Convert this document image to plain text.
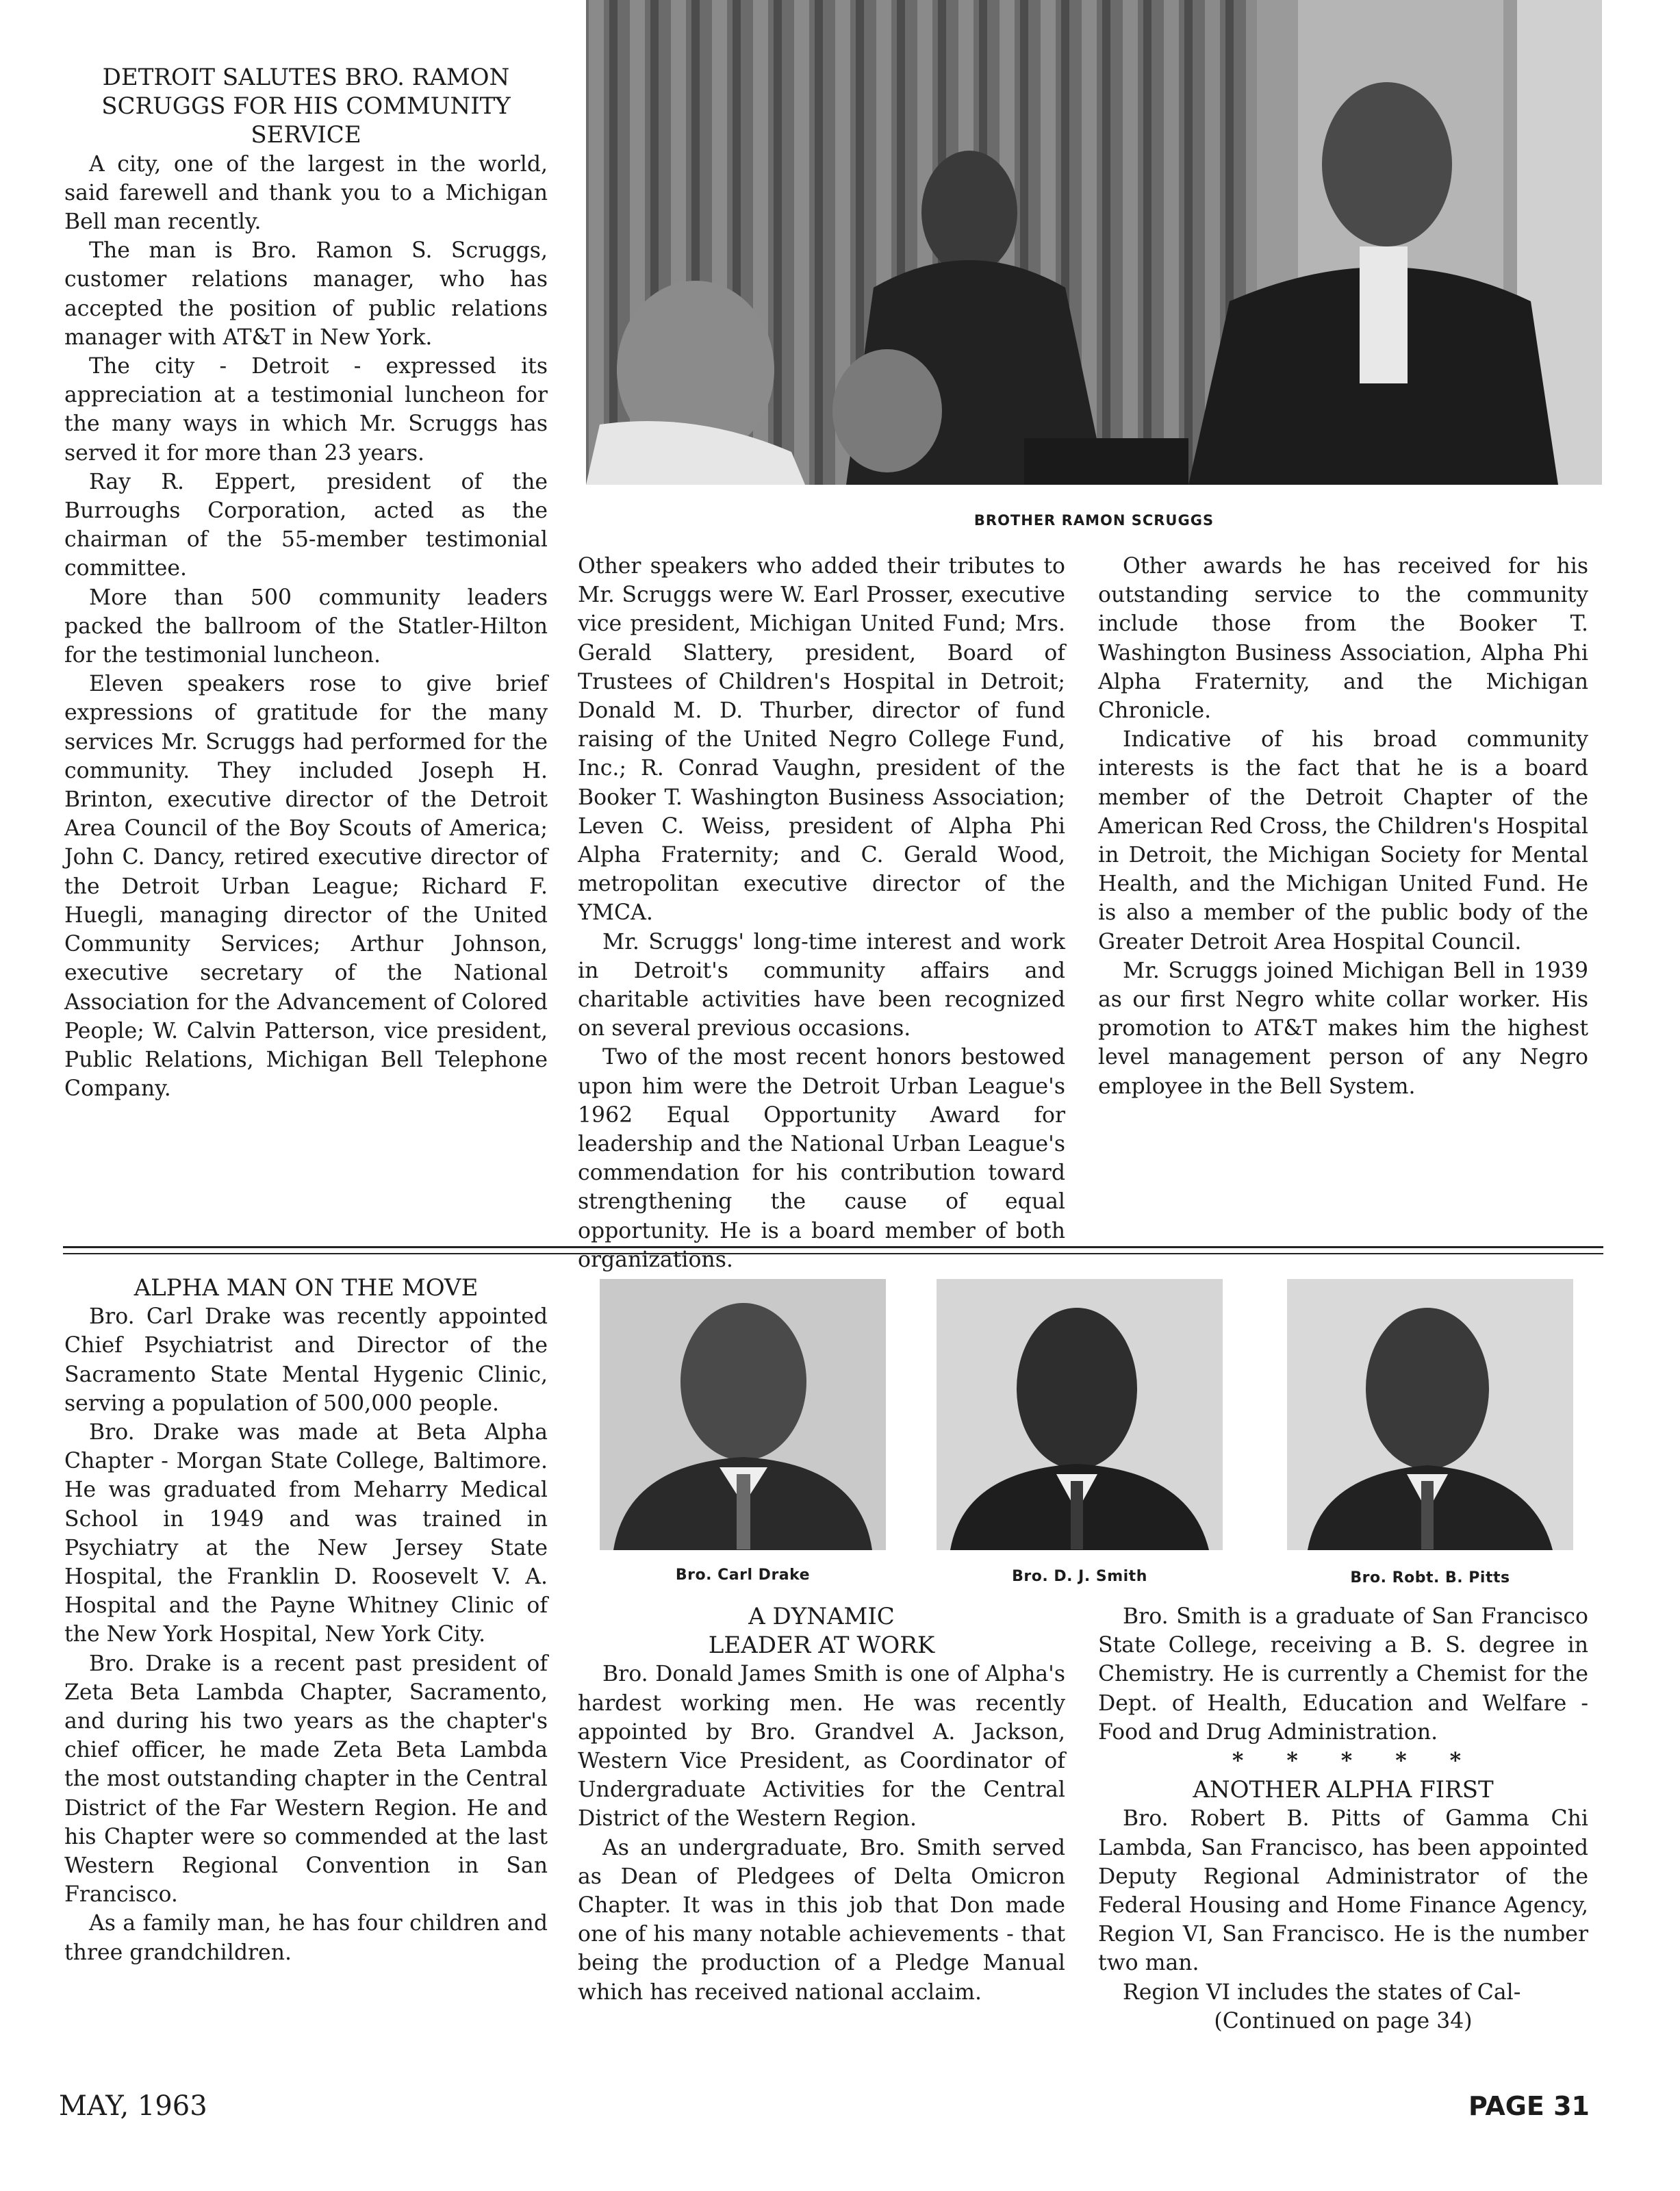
DETROIT SALUTES BRO. RAMON SCRUGGS FOR HIS COMMUNITY SERVICE

A city, one of the largest in the world, said farewell and thank you to a Michigan Bell man recently.

The man is Bro. Ramon S. Scruggs, customer relations manager, who has accepted the position of public relations manager with AT&T in New York.

The city - Detroit - expressed its appreciation at a testimonial luncheon for the many ways in which Mr. Scruggs has served it for more than 23 years.

Ray R. Eppert, president of the Burroughs Corporation, acted as the chairman of the 55-member testimonial committee.

More than 500 community leaders packed the ballroom of the Statler-Hilton for the testimonial luncheon.

Eleven speakers rose to give brief expressions of gratitude for the many services Mr. Scruggs had performed for the community. They included Joseph H. Brinton, executive director of the Detroit Area Council of the Boy Scouts of America; John C. Dancy, retired executive director of the Detroit Urban League; Richard F. Huegli, managing director of the United Community Services; Arthur Johnson, executive secretary of the National Association for the Advancement of Colored People; W. Calvin Patterson, vice president, Public Relations, Michigan Bell Telephone Company.

BROTHER RAMON SCRUGGS

Other speakers who added their tributes to Mr. Scruggs were W. Earl Prosser, executive vice president, Michigan United Fund; Mrs. Gerald Slattery, president, Board of Trustees of Children's Hospital in Detroit; Donald M. D. Thurber, director of fund raising of the United Negro College Fund, Inc.; R. Conrad Vaughn, president of the Booker T. Washington Business Association; Leven C. Weiss, president of Alpha Phi Alpha Fraternity; and C. Gerald Wood, metropolitan executive director of the YMCA.

Mr. Scruggs' long-time interest and work in Detroit's community affairs and charitable activities have been recognized on several previous occasions.

Two of the most recent honors bestowed upon him were the Detroit Urban League's 1962 Equal Opportunity Award for leadership and the National Urban League's commendation for his contribution toward strengthening the cause of equal opportunity. He is a board member of both organizations.

Other awards he has received for his outstanding service to the community include those from the Booker T. Washington Business Association, Alpha Phi Alpha Fraternity, and the Michigan Chronicle.

Indicative of his broad community interests is the fact that he is a board member of the Detroit Chapter of the American Red Cross, the Children's Hospital in Detroit, the Michigan Society for Mental Health, and the Michigan United Fund. He is also a member of the public body of the Greater Detroit Area Hospital Council.

Mr. Scruggs joined Michigan Bell in 1939 as our first Negro white collar worker. His promotion to AT&T makes him the highest level management person of any Negro employee in the Bell System.

ALPHA MAN ON THE MOVE

Bro. Carl Drake was recently appointed Chief Psychiatrist and Director of the Sacramento State Mental Hygenic Clinic, serving a population of 500,000 people.

Bro. Drake was made at Beta Alpha Chapter - Morgan State College, Baltimore. He was graduated from Meharry Medical School in 1949 and was trained in Psychiatry at the New Jersey State Hospital, the Franklin D. Roosevelt V. A. Hospital and the Payne Whitney Clinic of the New York Hospital, New York City.

Bro. Drake is a recent past president of Zeta Beta Lambda Chapter, Sacramento, and during his two years as the chapter's chief officer, he made Zeta Beta Lambda the most outstanding chapter in the Central District of the Far Western Region. He and his Chapter were so commended at the last Western Regional Convention in San Francisco.

As a family man, he has four children and three grandchildren.

Bro. Carl Drake	Bro. D. J. Smith	Bro. Robt. B. Pitts
A DYNAMIC LEADER AT WORK

Bro. Donald James Smith is one of Alpha's hardest working men. He was recently appointed by Bro. Grandvel A. Jackson, Western Vice President, as Coordinator of Undergraduate Activities for the Central District of the Western Region.

As an undergraduate, Bro. Smith served as Dean of Pledgees of Delta Omicron Chapter. It was in this job that Don made one of his many notable achievements - that being the production of a Pledge Manual which has received national acclaim.

Bro. Smith is a graduate of San Francisco State College, receiving a B. S. degree in Chemistry. He is currently a Chemist for the Dept. of Health, Education and Welfare - Food and Drug Administration.

* * * * *

ANOTHER ALPHA FIRST

Bro. Robert B. Pitts of Gamma Chi Lambda, San Francisco, has been appointed Deputy Regional Administrator of the Federal Housing and Home Finance Agency, Region VI, San Francisco. He is the number two man.

Region VI includes the states of Cal-

(Continued on page 34)

MAY, 1963	PAGE 31
